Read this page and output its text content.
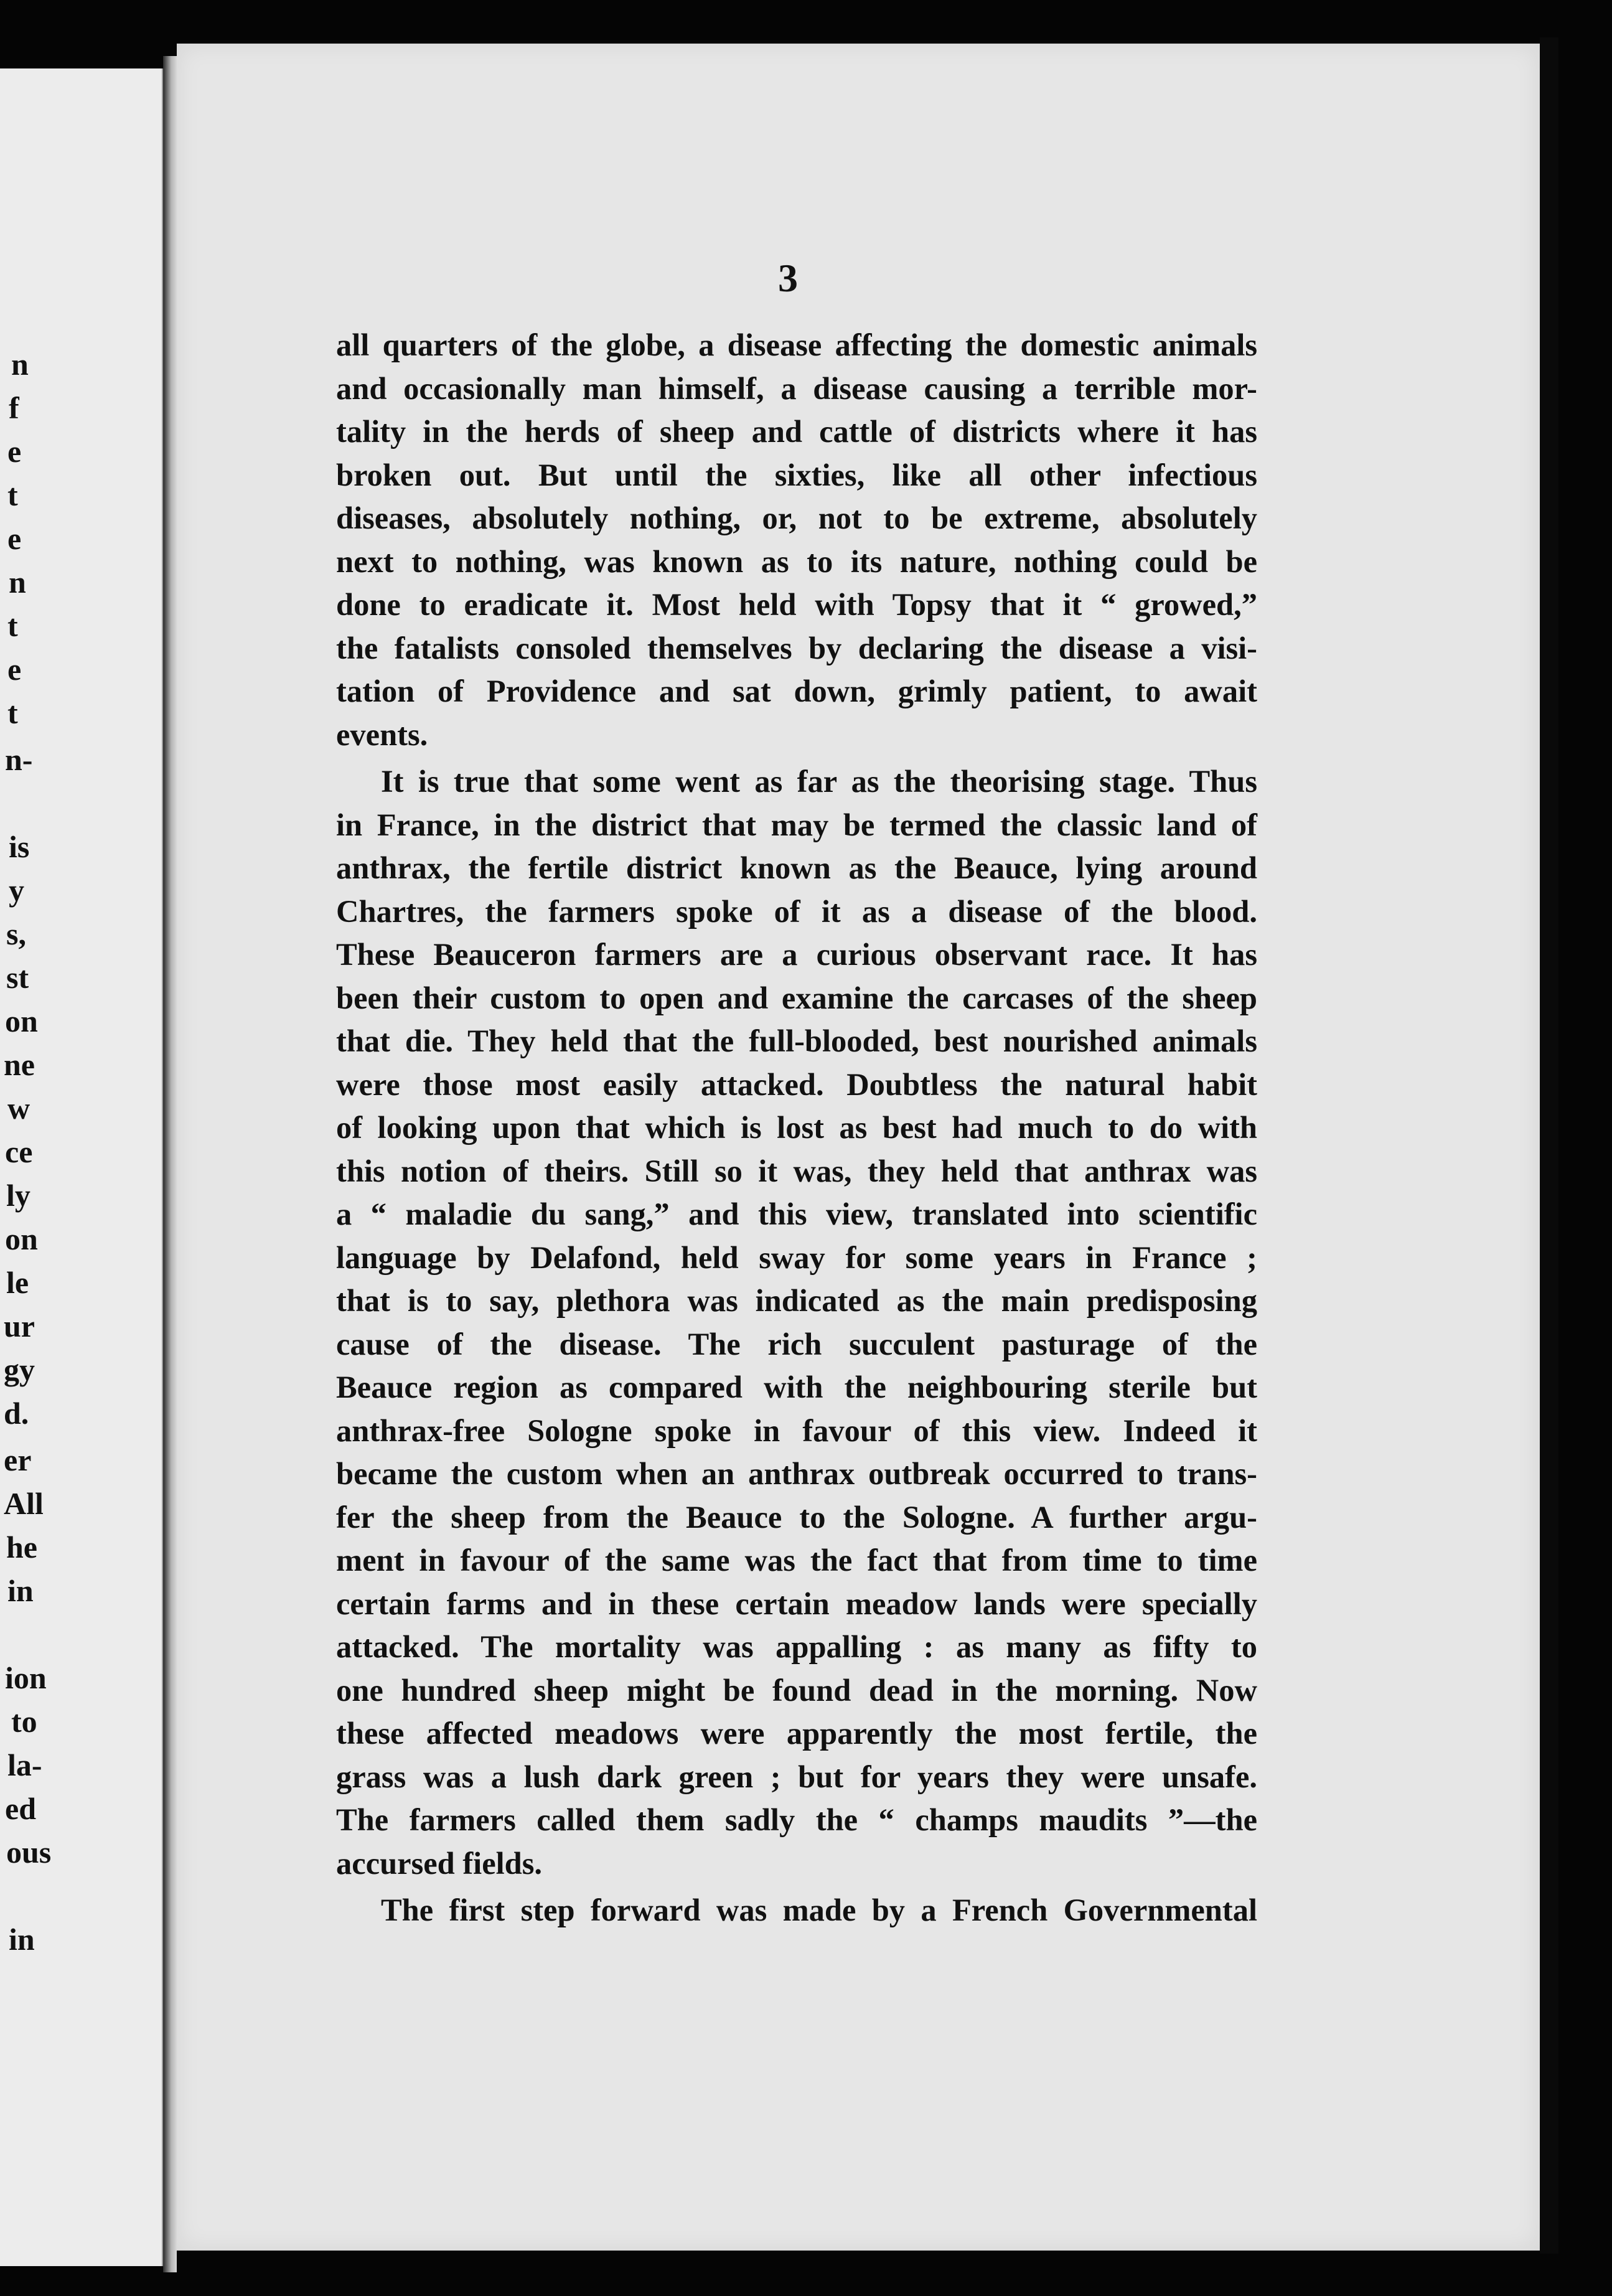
3
all quarters of the globe, a disease affecting the domestic animals
and occasionally man himself, a disease causing a terrible mor-
tality in the herds of sheep and cattle of districts where it has
broken out. But until the sixties, like all other infectious
diseases, absolutely nothing, or, not to be extreme, absolutely
next to nothing, was known as to its nature, nothing could be
done to eradicate it. Most held with Topsy that it “ growed,”
the fatalists consoled themselves by declaring the disease a visi-
tation of Providence and sat down, grimly patient, to await
events.
It is true that some went as far as the theorising stage. Thus
in France, in the district that may be termed the classic land of
anthrax, the fertile district known as the Beauce, lying around
Chartres, the farmers spoke of it as a disease of the blood.
These Beauceron farmers are a curious observant race. It has
been their custom to open and examine the carcases of the sheep
that die. They held that the full-blooded, best nourished animals
were those most easily attacked. Doubtless the natural habit
of looking upon that which is lost as best had much to do with
this notion of theirs. Still so it was, they held that anthrax was
a “ maladie du sang,” and this view, translated into scientific
language by Delafond, held sway for some years in France ;
that is to say, plethora was indicated as the main predisposing
cause of the disease. The rich succulent pasturage of the
Beauce region as compared with the neighbouring sterile but
anthrax-free Sologne spoke in favour of this view. Indeed it
became the custom when an anthrax outbreak occurred to trans-
fer the sheep from the Beauce to the Sologne. A further argu-
ment in favour of the same was the fact that from time to time
certain farms and in these certain meadow lands were specially
attacked. The mortality was appalling : as many as fifty to
one hundred sheep might be found dead in the morning. Now
these affected meadows were apparently the most fertile, the
grass was a lush dark green ; but for years they were unsafe.
The farmers called them sadly the “ champs maudits ”—the
accursed fields.
The first step forward was made by a French Governmental
n
f
e
t
e
n
t
e
t
n-
is
y
s,
st
on
ne
w
ce
ly
on
le
ur
gy
d.
er
All
he
in
ion
to
la-
ed
ous
in
